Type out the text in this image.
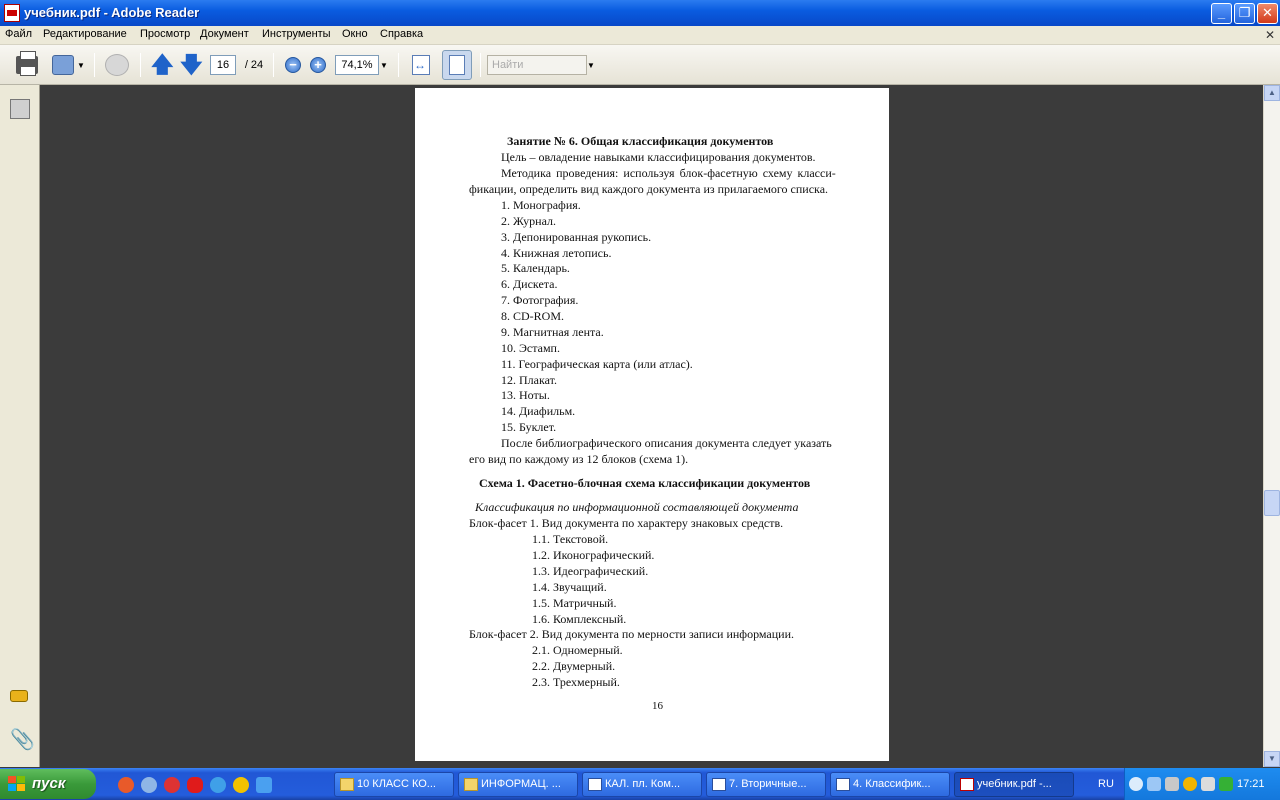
учебник.pdf - Adobe Reader	_	❐ ✕
Файл Редактирование Просмотр Документ Инструменты Окно Справка	✕
▼	🡅 🡇	16	/ 24	−	+	74,1% ▼
↔	Найти	▼
📎
Занятие № 6. Общая классификация документов
Цель – овладение навыками классифицирования документов.
Методика проведения: используя блок-фасетную схему класси-
фикации, определить вид каждого документа из прилагаемого списка.
1. Монография.
2. Журнал.
3. Депонированная рукопись.
4. Книжная летопись.
5. Календарь.
6. Дискета.
7. Фотография.
8. CD-ROM.
9. Магнитная лента.
10. Эстамп.
11. Географическая карта (или атлас).
12. Плакат.
13. Ноты.
14. Диафильм.
15. Буклет.
После библиографического описания документа следует указать
его вид по каждому из 12 блоков (схема 1).
Схема 1. Фасетно-блочная схема классификации документов
Классификация по информационной составляющей документа
Блок-фасет 1. Вид документа по характеру знаковых средств.
1.1. Текстовой.
1.2. Иконографический.
1.3. Идеографический.
1.4. Звучащий.
1.5. Матричный.
1.6. Комплексный.
Блок-фасет 2. Вид документа по мерности записи информации.
2.1. Одномерный.
2.2. Двумерный.
2.3. Трехмерный.
16
▲
▼
пуск	10 КЛАСС КО...	ИНФОРМАЦ. ...	КАЛ. пл. Ком...	7. Вторичные...	4. Классифик...	учебник.pdf -...	RU	17:21
